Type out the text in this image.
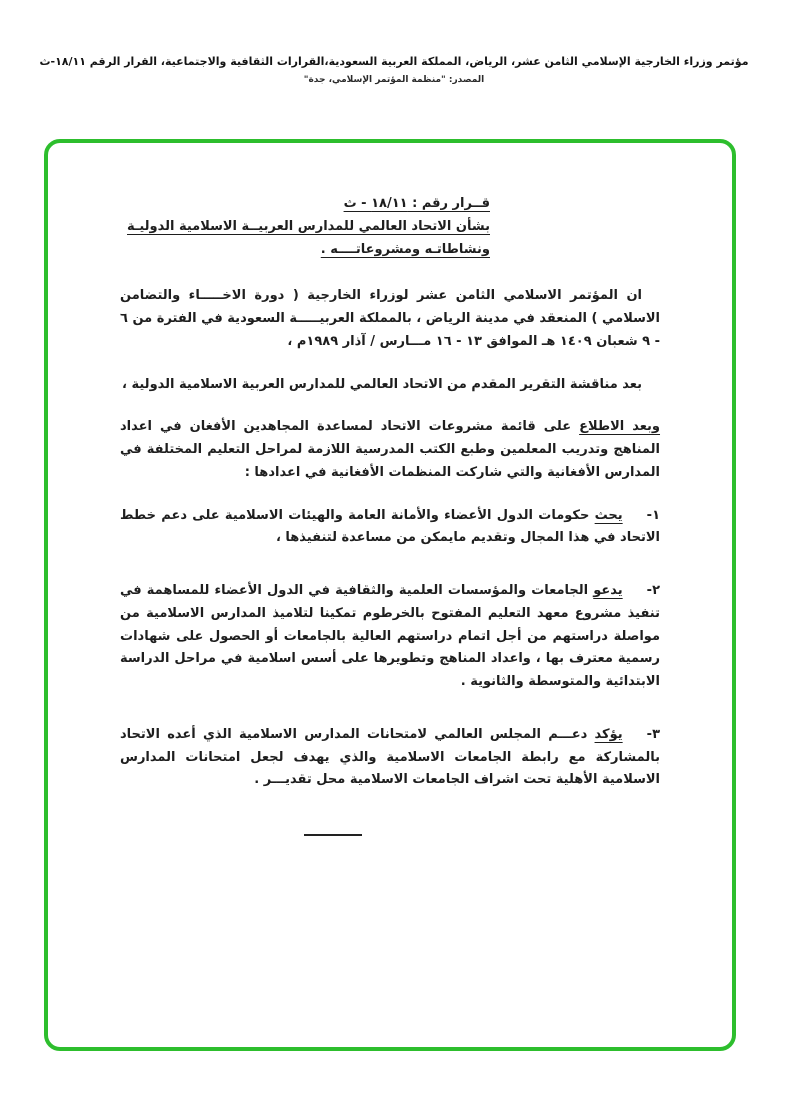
مؤتمر وزراء الخارجية الإسلامي الثامن عشر، الرياض، المملكة العربية السعودية،القرارات الثقافية والاجتماعية، القرار الرقم ١٨/١١-ث
المصدر: "منظمة المؤتمر الإسلامي، جدة"
قــرار رقم : ١٨/١١ - ث
بشأن الاتحاد العالمي للمدارس العربيــة الاسلامية الدوليـة
ونشاطاتـه ومشروعاتــــه .

ان المؤتمر الاسلامي الثامن عشر لوزراء الخارجية ( دورة الاخـــــاء والتضامن الاسلامي ) المنعقد في مدينة الرياض ، بالمملكة العربيـــــة السعودية في الفترة من ٦ - ٩ شعبان ١٤٠٩ هـ الموافق ١٣ - ١٦ مـــارس / آذار ١٩٨٩م ،

بعد مناقشة التقرير المقدم من الاتحاد العالمي للمدارس العربية الاسلامية الدولية ،

وبعد الاطلاع على قائمة مشروعات الاتحاد لمساعدة المجاهدين الأفغان في اعداد المناهج وتدريب المعلمين وطبع الكتب المدرسية اللازمة لمراحل التعليم المختلفة في المدارس الأفغانية والتي شاركت المنظمات الأفغانية في اعدادها :

١-يحث حكومات الدول الأعضاء والأمانة العامة والهيئات الاسلامية على دعم خطط الاتحاد في هذا المجال وتقديم مايمكن من مساعدة لتنفيذها ،

٢-يدعو الجامعات والمؤسسات العلمية والثقافية في الدول الأعضاء للمساهمة في تنفيذ مشروع معهد التعليم المفتوح بالخرطوم تمكينا لتلاميذ المدارس الاسلامية من مواصلة دراستهم من أجل اتمام دراستهم العالية بالجامعات أو الحصول على شهادات رسمية معترف بها ، واعداد المناهج وتطويرها على أسس اسلامية في مراحل الدراسة الابتدائية والمتوسطة والثانوية .

٣-يؤكد دعـــم المجلس العالمي لامتحانات المدارس الاسلامية الذي أعده الاتحاد بالمشاركة مع رابطة الجامعات الاسلامية والذي يهدف لجعل امتحانات المدارس الاسلامية الأهلية تحت اشراف الجامعات الاسلامية محل تقديـــر .
